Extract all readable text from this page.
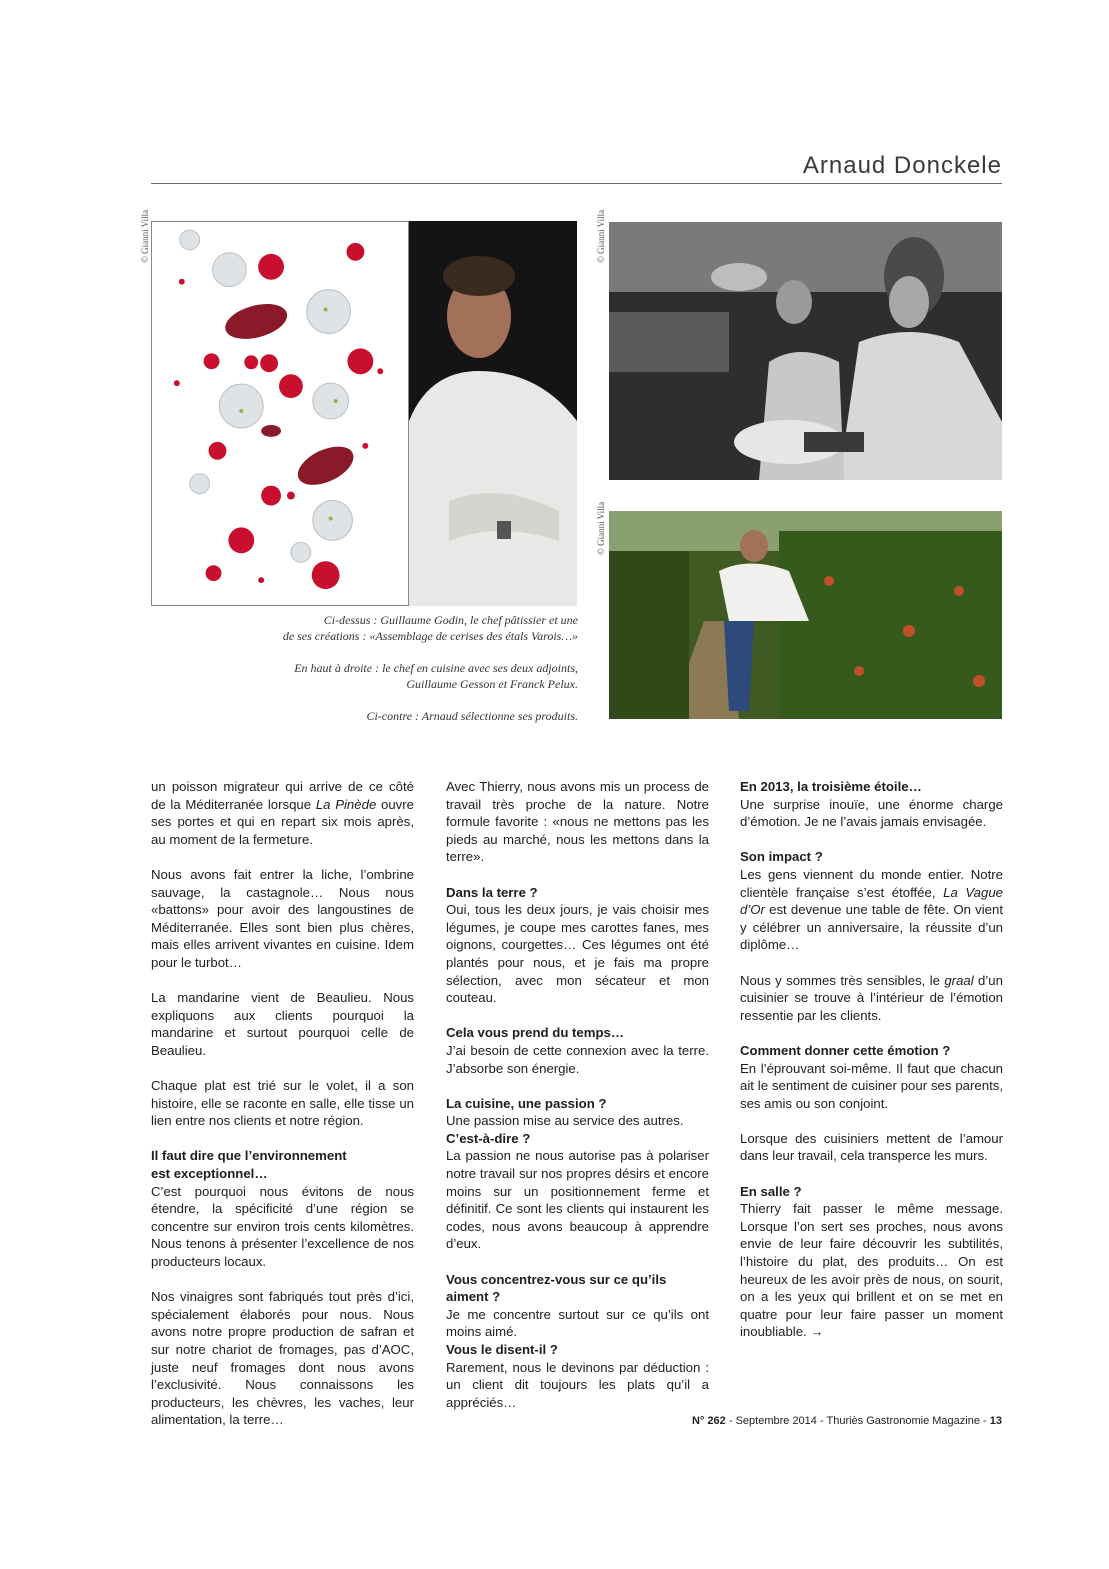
Arnaud Donckele
© Gianni Villa	© Gianni Villa
© Gianni Villa

Ci-dessus : Guillaume Godin, le chef pâtissier et une
de ses créations : «Assemblage de cerises des étals Varois…»

En haut à droite : le chef en cuisine avec ses deux adjoints,
Guillaume Gesson et Franck Pelux.

Ci-contre : Arnaud sélectionne ses produits.

un poisson migrateur qui arrive de ce côté de la Méditerranée lorsque La Pinède ouvre ses portes et qui en repart six mois après, au moment de la fermeture.

Nous avons fait entrer la liche, l’ombrine sauvage, la castagnole… Nous nous «battons» pour avoir des langoustines de Méditerranée. Elles sont bien plus chères, mais elles arrivent vivantes en cuisine. Idem pour le turbot…

La mandarine vient de Beaulieu. Nous expliquons aux clients pourquoi la mandarine et surtout pourquoi celle de Beaulieu.

Chaque plat est trié sur le volet, il a son histoire, elle se raconte en salle, elle tisse un lien entre nos clients et notre région.

Il faut dire que l’environnement
est exceptionnel…

C’est pourquoi nous évitons de nous étendre, la spécificité d’une région se concentre sur environ trois cents kilomètres. Nous tenons à présenter l’excellence de nos producteurs locaux.

Nos vinaigres sont fabriqués tout près d’ici, spécialement élaborés pour nous. Nous avons notre propre production de safran et sur notre chariot de fromages, pas d’AOC, juste neuf fromages dont nous avons l’exclusivité. Nous connaissons les producteurs, les chèvres, les vaches, leur alimentation, la terre…

Avec Thierry, nous avons mis un process de travail très proche de la nature. Notre formule favorite : «nous ne mettons pas les pieds au marché, nous les mettons dans la terre».

Dans la terre ?

Oui, tous les deux jours, je vais choisir mes légumes, je coupe mes carottes fanes, mes oignons, courgettes… Ces légumes ont été plantés pour nous, et je fais ma propre sélection, avec mon sécateur et mon couteau.

Cela vous prend du temps…

J’ai besoin de cette connexion avec la terre. J’absorbe son énergie.

La cuisine, une passion ?

Une passion mise au service des autres.

C’est-à-dire ?

La passion ne nous autorise pas à polariser notre travail sur nos propres désirs et encore moins sur un positionnement ferme et définitif. Ce sont les clients qui instaurent les codes, nous avons beaucoup à apprendre d’eux.

Vous concentrez-vous sur ce qu’ils aiment ?

Je me concentre surtout sur ce qu’ils ont moins aimé.

Vous le disent-il ?

Rarement, nous le devinons par déduction : un client dit toujours les plats qu’il a appréciés…

En 2013, la troisième étoile…

Une surprise inouïe, une énorme charge d’émotion. Je ne l’avais jamais envisagée.

Son impact ?

Les gens viennent du monde entier. Notre clientèle française s’est étoffée, La Vague d’Or est devenue une table de fête. On vient y célébrer un anniversaire, la réussite d’un diplôme…

Nous y sommes très sensibles, le graal d’un cuisinier se trouve à l’intérieur de l’émotion ressentie par les clients.

Comment donner cette émotion ?

En l’éprouvant soi-même. Il faut que chacun ait le sentiment de cuisiner pour ses parents, ses amis ou son conjoint.

Lorsque des cuisiniers mettent de l’amour dans leur travail, cela transperce les murs.

En salle ?

Thierry fait passer le même message. Lorsque l’on sert ses proches, nous avons envie de leur faire découvrir les subtilités, l’histoire du plat, des produits… On est heureux de les avoir près de nous, on sourit, on a les yeux qui brillent et on se met en quatre pour leur faire passer un moment inoubliable. →

N° 262 - Septembre 2014 - Thuriès Gastronomie Magazine - 13
